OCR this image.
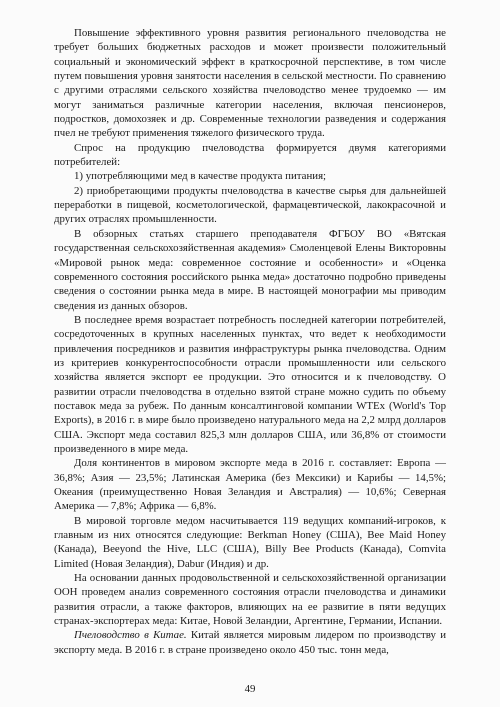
Повышение эффективного уровня развития регионального пчеловодства не требует больших бюджетных расходов и может произвести положительный социальный и экономический эффект в краткосрочной перспективе, в том числе путем повышения уровня занятости населения в сельской местности. По сравнению с другими отраслями сельского хозяйства пчеловодство менее трудоемко — им могут заниматься различные категории населения, включая пенсионеров, подростков, домохозяек и др. Современные технологии разведения и содержания пчел не требуют применения тяжелого физического труда.

Спрос на продукцию пчеловодства формируется двумя категориями потребителей:

1) употребляющими мед в качестве продукта питания;

2) приобретающими продукты пчеловодства в качестве сырья для дальнейшей переработки в пищевой, косметологической, фармацевтической, лакокрасочной и других отраслях промышленности.

В обзорных статьях старшего преподавателя ФГБОУ ВО «Вятская государственная сельскохозяйственная академия» Смоленцевой Елены Викторовны «Мировой рынок меда: современное состояние и особенности» и «Оценка современного состояния российского рынка меда» достаточно подробно приведены сведения о состоянии рынка меда в мире. В настоящей монографии мы приводим сведения из данных обзоров.

В последнее время возрастает потребность последней категории потребителей, сосредоточенных в крупных населенных пунктах, что ведет к необходимости привлечения посредников и развития инфраструктуры рынка пчеловодства. Одним из критериев конкурентоспособности отрасли промышленности или сельского хозяйства является экспорт ее продукции. Это относится и к пчеловодству. О развитии отрасли пчеловодства в отдельно взятой стране можно судить по объему поставок меда за рубеж. По данным консалтинговой компании WTEx (World's Top Exports), в 2016 г. в мире было произведено натурального меда на 2,2 млрд долларов США. Экспорт меда составил 825,3 млн долларов США, или 36,8% от стоимости произведенного в мире меда.

Доля континентов в мировом экспорте меда в 2016 г. составляет: Европа — 36,8%; Азия — 23,5%; Латинская Америка (без Мексики) и Карибы — 14,5%; Океания (преимущественно Новая Зеландия и Австралия) — 10,6%; Северная Америка — 7,8%; Африка — 6,8%.

В мировой торговле медом насчитывается 119 ведущих компаний-игроков, к главным из них относятся следующие: Berkman Honey (США), Bee Maid Honey (Канада), Beeyond the Hive, LLC (США), Billy Bee Products (Канада), Comvita Limited (Новая Зеландия), Dabur (Индия) и др.

На основании данных продовольственной и сельскохозяйственной организации ООН проведем анализ современного состояния отрасли пчеловодства и динамики развития отрасли, а также факторов, влияющих на ее развитие в пяти ведущих странах-экспортерах меда: Китае, Новой Зеландии, Аргентине, Германии, Испании.

Пчеловодство в Китае. Китай является мировым лидером по производству и экспорту меда. В 2016 г. в стране произведено около 450 тыс. тонн меда,

49
